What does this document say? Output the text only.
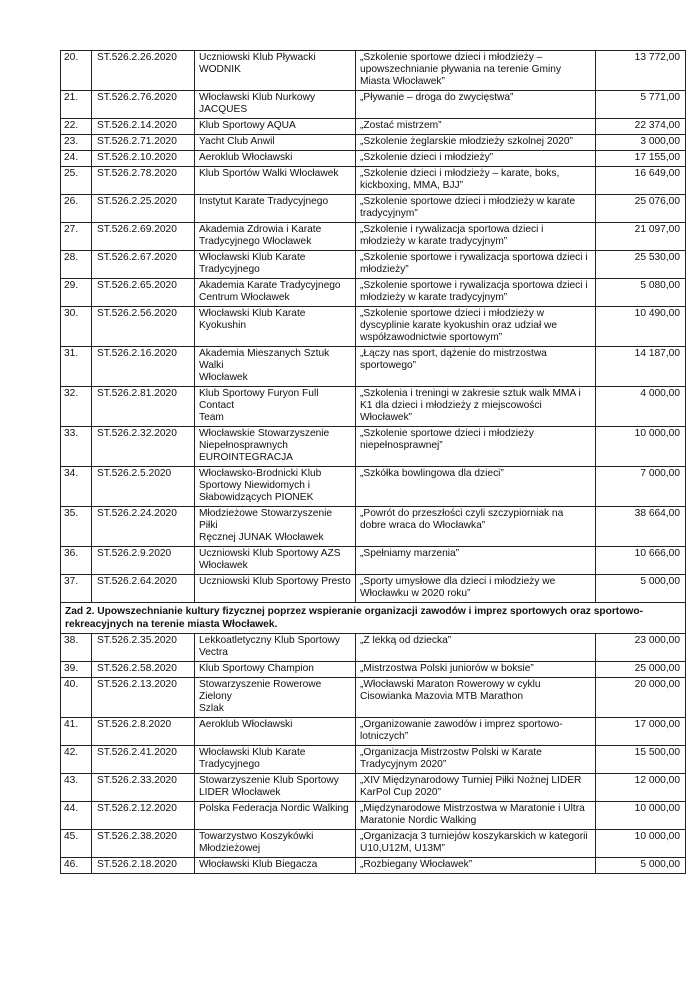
20.	ST.526.2.26.2020	Uczniowski Klub Pływacki
WODNIK	„Szkolenie sportowe dzieci i młodzieży –
upowszechnianie pływania na terenie Gminy
Miasta Włocławek”	13 772,00
21.	ST.526.2.76.2020	Włocławski Klub Nurkowy
JACQUES	„Pływanie – droga do zwycięstwa”	5 771,00
22.	ST.526.2.14.2020	Klub Sportowy AQUA	„Zostać mistrzem”	22 374,00
23.	ST.526.2.71.2020	Yacht Club Anwil	„Szkolenie żeglarskie młodzieży szkolnej 2020”	3 000,00
24.	ST.526.2.10.2020	Aeroklub Włocławski	„Szkolenie dzieci i młodzieży”	17 155,00
25.	ST.526.2.78.2020	Klub Sportów Walki Włocławek	„Szkolenie dzieci i młodzieży – karate, boks,
kickboxing, MMA, BJJ”	16 649,00
26.	ST.526.2.25.2020	Instytut Karate Tradycyjnego	„Szkolenie sportowe dzieci i młodzieży w karate
tradycyjnym”	25 076,00
27.	ST.526.2.69.2020	Akademia Zdrowia i Karate
Tradycyjnego Włocławek	„Szkolenie i rywalizacja sportowa dzieci i
młodzieży w karate tradycyjnym”	21 097,00
28.	ST.526.2.67.2020	Włocławski Klub Karate
Tradycyjnego	„Szkolenie sportowe i rywalizacja sportowa dzieci i
młodzieży”	25 530,00
29.	ST.526.2.65.2020	Akademia Karate Tradycyjnego
Centrum Włocławek	„Szkolenie sportowe i rywalizacja sportowa dzieci i
młodzieży w karate tradycyjnym”	5 080,00
30.	ST.526.2.56.2020	Włocławski Klub Karate Kyokushin	„Szkolenie sportowe dzieci i młodzieży w
dyscyplinie karate kyokushin oraz udział we
współzawodnictwie sportowym”	10 490,00
31.	ST.526.2.16.2020	Akademia Mieszanych Sztuk Walki
Włocławek	„Łączy nas sport, dążenie do mistrzostwa
sportowego”	14 187,00
32.	ST.526.2.81.2020	Klub Sportowy Furyon Full Contact
Team	„Szkolenia i treningi w zakresie sztuk walk MMA i
K1 dla dzieci i młodzieży z miejscowości
Włocławek”	4 000,00
33.	ST.526.2.32.2020	Włocławskie Stowarzyszenie
Niepełnosprawnych
EUROINTEGRACJA	„Szkolenie sportowe dzieci i młodzieży
niepełnosprawnej”	10 000,00
34.	ST.526.2.5.2020	Włocławsko-Brodnicki Klub
Sportowy Niewidomych i
Słabowidzących PIONEK	„Szkółka bowlingowa dla dzieci”	7 000,00
35.	ST.526.2.24.2020	Młodzieżowe Stowarzyszenie Piłki
Ręcznej JUNAK Włocławek	„Powrót do przeszłości czyli szczypiorniak na
dobre wraca do Włocławka”	38 664,00
36.	ST.526.2.9.2020	Uczniowski Klub Sportowy AZS
Włocławek	„Spełniamy marzenia”	10 666,00
37.	ST.526.2.64.2020	Uczniowski Klub Sportowy Presto	„Sporty umysłowe dla dzieci i młodzieży we
Włocławku w 2020 roku”	5 000,00
Zad 2. Upowszechnianie kultury fizycznej poprzez wspieranie organizacji zawodów i imprez sportowych oraz sportowo-rekreacyjnych na terenie miasta Włocławek.				
38.	ST.526.2.35.2020	Lekkoatletyczny Klub Sportowy
Vectra	„Z lekką od dziecka”	23 000,00
39.	ST.526.2.58.2020	Klub Sportowy Champion	„Mistrzostwa Polski juniorów w boksie”	25 000,00
40.	ST.526.2.13.2020	Stowarzyszenie Rowerowe Zielony
Szlak	„Włocławski Maraton Rowerowy w cyklu
Cisowianka Mazovia MTB Marathon	20 000,00
41.	ST.526.2.8.2020	Aeroklub Włocławski	„Organizowanie zawodów i imprez sportowo-
lotniczych”	17 000,00
42.	ST.526.2.41.2020	Włocławski Klub Karate
Tradycyjnego	„Organizacja Mistrzostw Polski w Karate
Tradycyjnym 2020”	15 500,00
43.	ST.526.2.33.2020	Stowarzyszenie Klub Sportowy
LIDER Włocławek	„XIV Międzynarodowy Turniej Piłki Nożnej LIDER
KarPol Cup 2020”	12 000,00
44.	ST.526.2.12.2020	Polska Federacja Nordic Walking	„Międzynarodowe Mistrzostwa w Maratonie i Ultra
Maratonie Nordic Walking	10 000,00
45.	ST.526.2.38.2020	Towarzystwo Koszykówki
Młodzieżowej	„Organizacja 3 turniejów koszykarskich w kategorii
U10,U12M, U13M”	10 000,00
46.	ST.526.2.18.2020	Włocławski Klub Biegacza	„Rozbiegany Włocławek”	5 000,00
